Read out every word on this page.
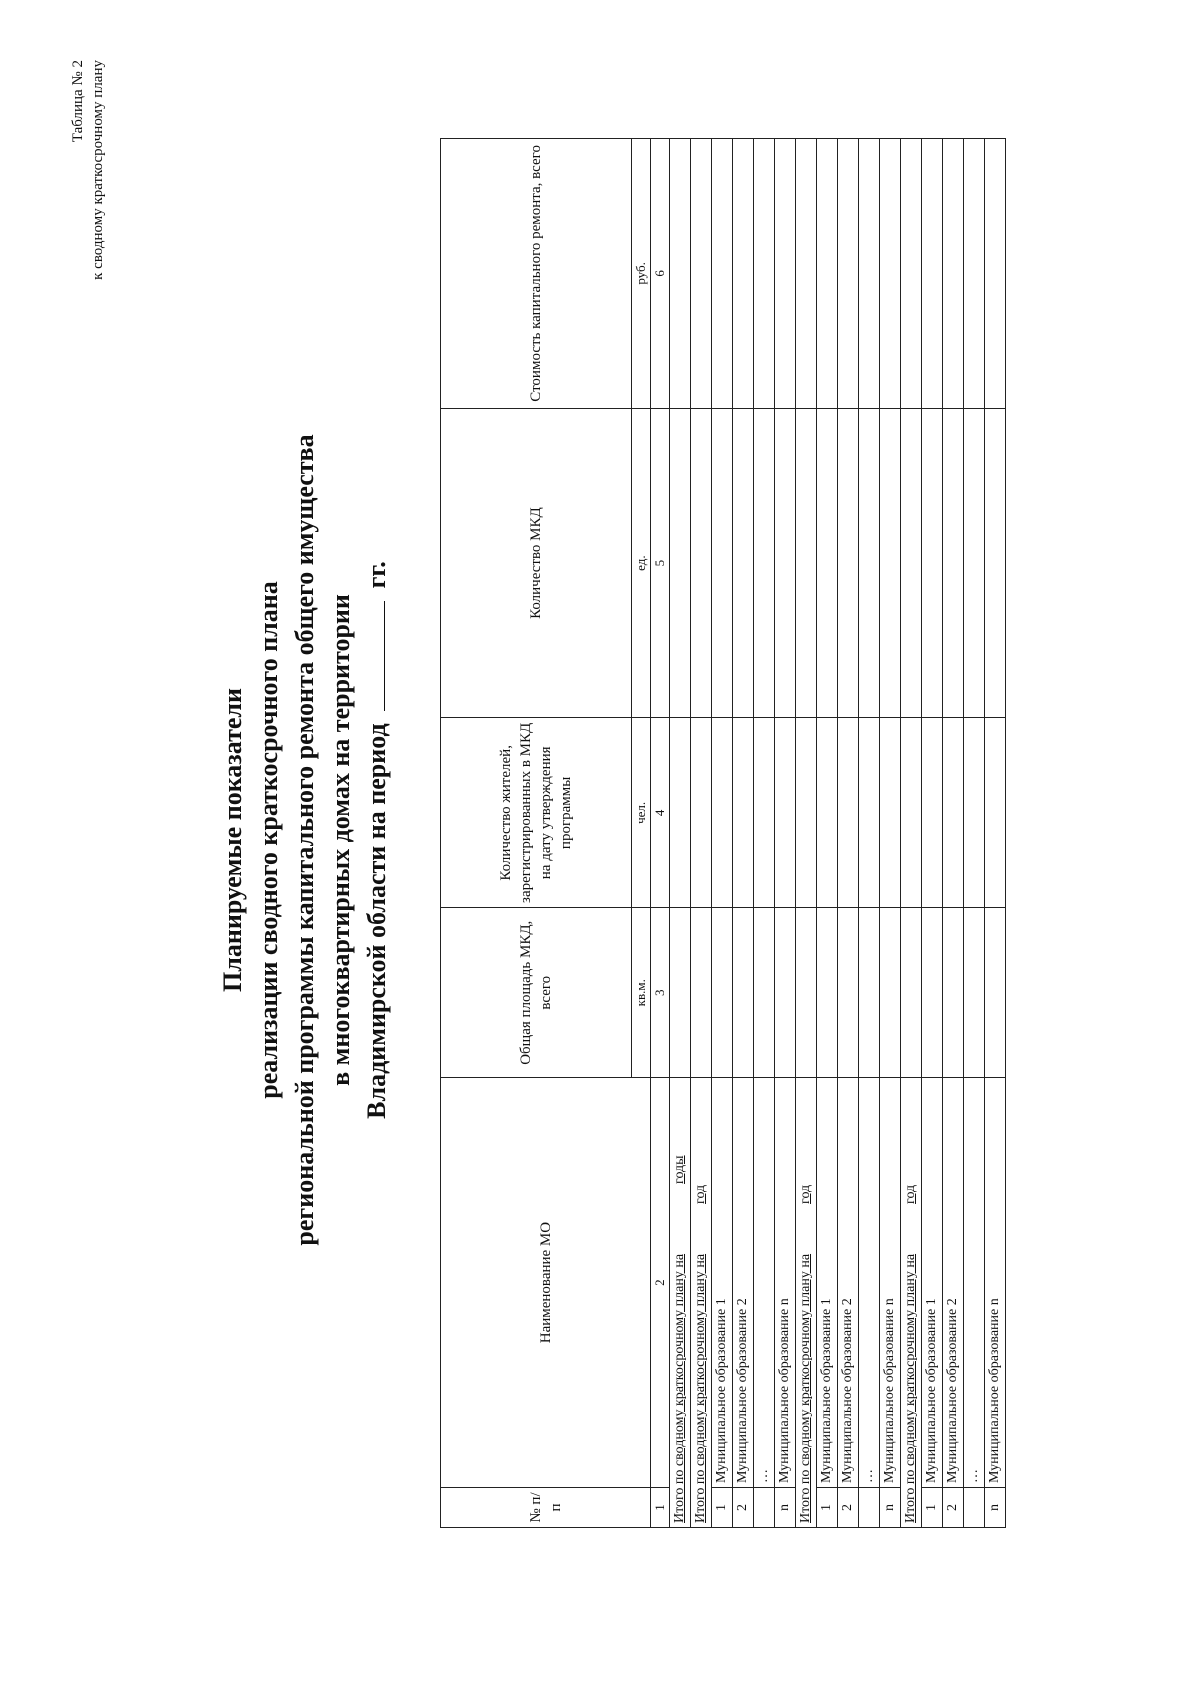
Таблица № 2 к сводному краткосрочному плану
Планируемые показатели реализации сводного краткосрочного плана региональной программы капитального ремонта общего имущества в многоквартирных домах на территории Владимирской области на период  гг.
№ п/п	Наименование МО	Общая площадь МКД, всего	Количество жителей, зарегистрированных в МКД на дату утверждения программы	Количество МКД	Стоимость капитального ремонта, всего
		кв.м.	чел.	ед.	руб.
1	2	3	4	5	6
Итого по сводному краткосрочному плану нагоды					
Итого по сводному краткосрочному плану нагод					
1	Муниципальное образование 1				
2	Муниципальное образование 2				
	…				
n	Муниципальное образование n				
Итого по сводному краткосрочному плану нагод					
1	Муниципальное образование 1				
2	Муниципальное образование 2				
	…				
n	Муниципальное образование n				
Итого по сводному краткосрочному плану нагод					
1	Муниципальное образование 1				
2	Муниципальное образование 2				
	…				
n	Муниципальное образование n				
